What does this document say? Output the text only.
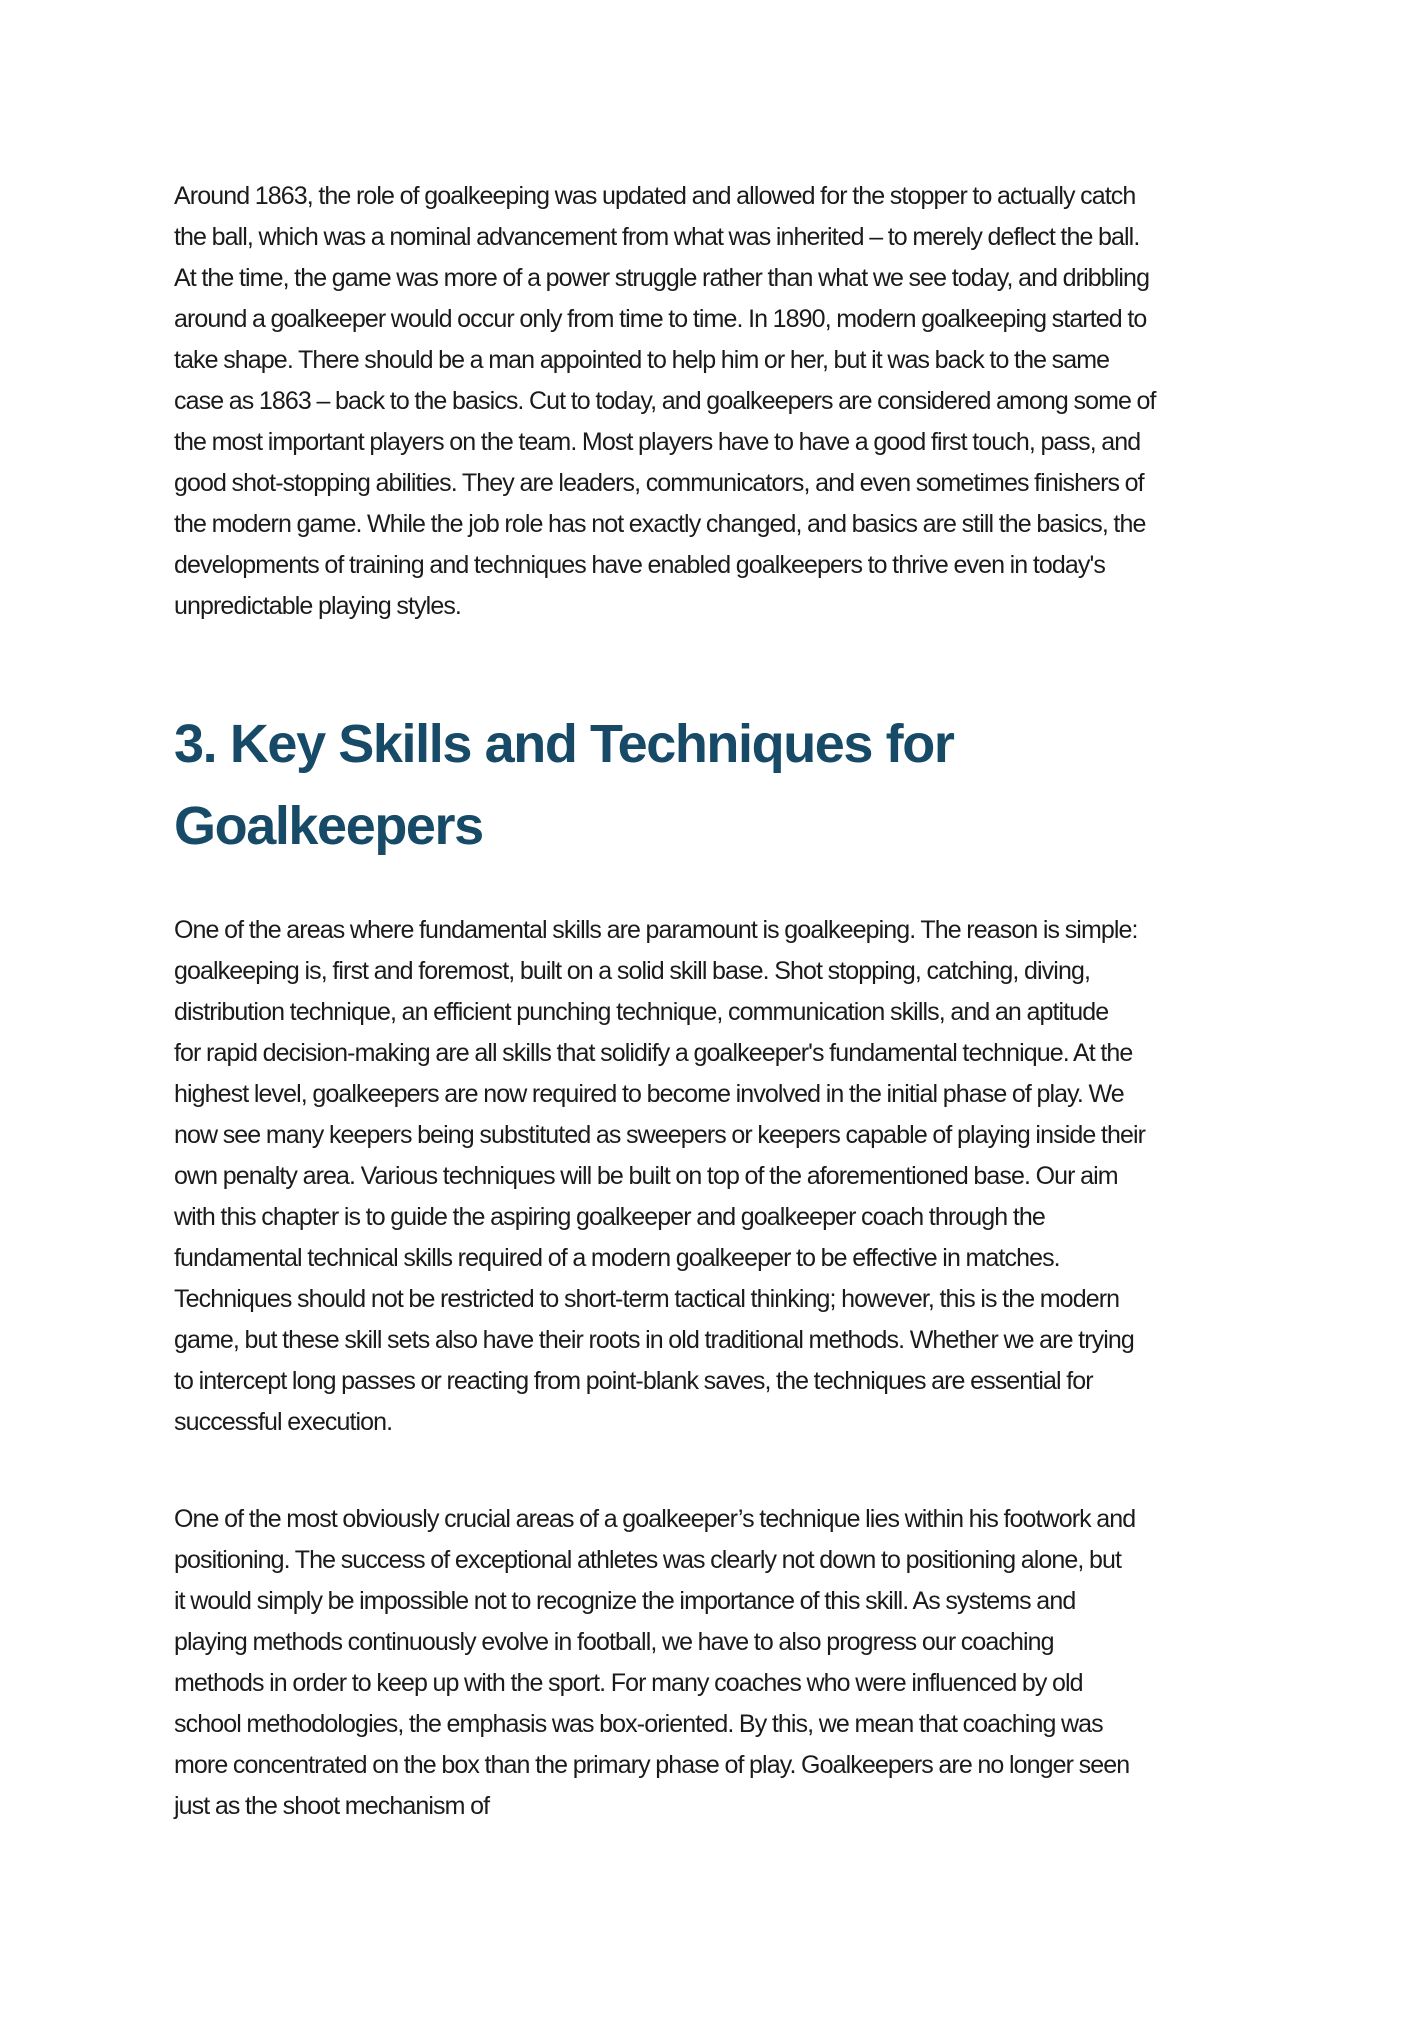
Around 1863, the role of goalkeeping was updated and allowed for the stopper to actually catch
the ball, which was a nominal advancement from what was inherited – to merely deflect the ball.
At the time, the game was more of a power struggle rather than what we see today, and dribbling
around a goalkeeper would occur only from time to time. In 1890, modern goalkeeping started to
take shape. There should be a man appointed to help him or her, but it was back to the same
case as 1863 – back to the basics. Cut to today, and goalkeepers are considered among some of
the most important players on the team. Most players have to have a good first touch, pass, and
good shot-stopping abilities. They are leaders, communicators, and even sometimes finishers of
the modern game. While the job role has not exactly changed, and basics are still the basics, the
developments of training and techniques have enabled goalkeepers to thrive even in today's
unpredictable playing styles.

3. Key Skills and Techniques for
Goalkeepers

One of the areas where fundamental skills are paramount is goalkeeping. The reason is simple:
goalkeeping is, first and foremost, built on a solid skill base. Shot stopping, catching, diving,
distribution technique, an efficient punching technique, communication skills, and an aptitude
for rapid decision-making are all skills that solidify a goalkeeper's fundamental technique. At the
highest level, goalkeepers are now required to become involved in the initial phase of play. We
now see many keepers being substituted as sweepers or keepers capable of playing inside their
own penalty area. Various techniques will be built on top of the aforementioned base. Our aim
with this chapter is to guide the aspiring goalkeeper and goalkeeper coach through the
fundamental technical skills required of a modern goalkeeper to be effective in matches.
Techniques should not be restricted to short-term tactical thinking; however, this is the modern
game, but these skill sets also have their roots in old traditional methods. Whether we are trying
to intercept long passes or reacting from point-blank saves, the techniques are essential for
successful execution.

One of the most obviously crucial areas of a goalkeeper’s technique lies within his footwork and
positioning. The success of exceptional athletes was clearly not down to positioning alone, but
it would simply be impossible not to recognize the importance of this skill. As systems and
playing methods continuously evolve in football, we have to also progress our coaching
methods in order to keep up with the sport. For many coaches who were influenced by old
school methodologies, the emphasis was box-oriented. By this, we mean that coaching was
more concentrated on the box than the primary phase of play. Goalkeepers are no longer seen
just as the shoot mechanism of
